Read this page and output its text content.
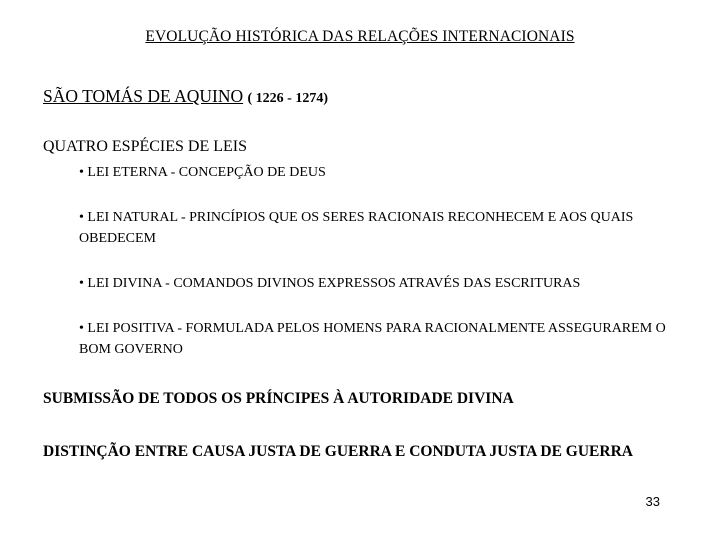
EVOLUÇÃO HISTÓRICA DAS RELAÇÕES INTERNACIONAIS
SÃO TOMÁS DE AQUINO ( 1226 - 1274)
QUATRO ESPÉCIES DE LEIS
• LEI ETERNA - CONCEPÇÃO DE DEUS
• LEI NATURAL - PRINCÍPIOS QUE OS SERES RACIONAIS RECONHECEM E AOS QUAIS OBEDECEM
• LEI DIVINA - COMANDOS DIVINOS EXPRESSOS ATRAVÉS DAS ESCRITURAS
• LEI POSITIVA - FORMULADA PELOS HOMENS PARA RACIONALMENTE ASSEGURAREM O BOM GOVERNO
SUBMISSÃO DE TODOS OS PRÍNCIPES À AUTORIDADE DIVINA
DISTINÇÃO ENTRE CAUSA JUSTA DE GUERRA E CONDUTA JUSTA DE GUERRA
33
